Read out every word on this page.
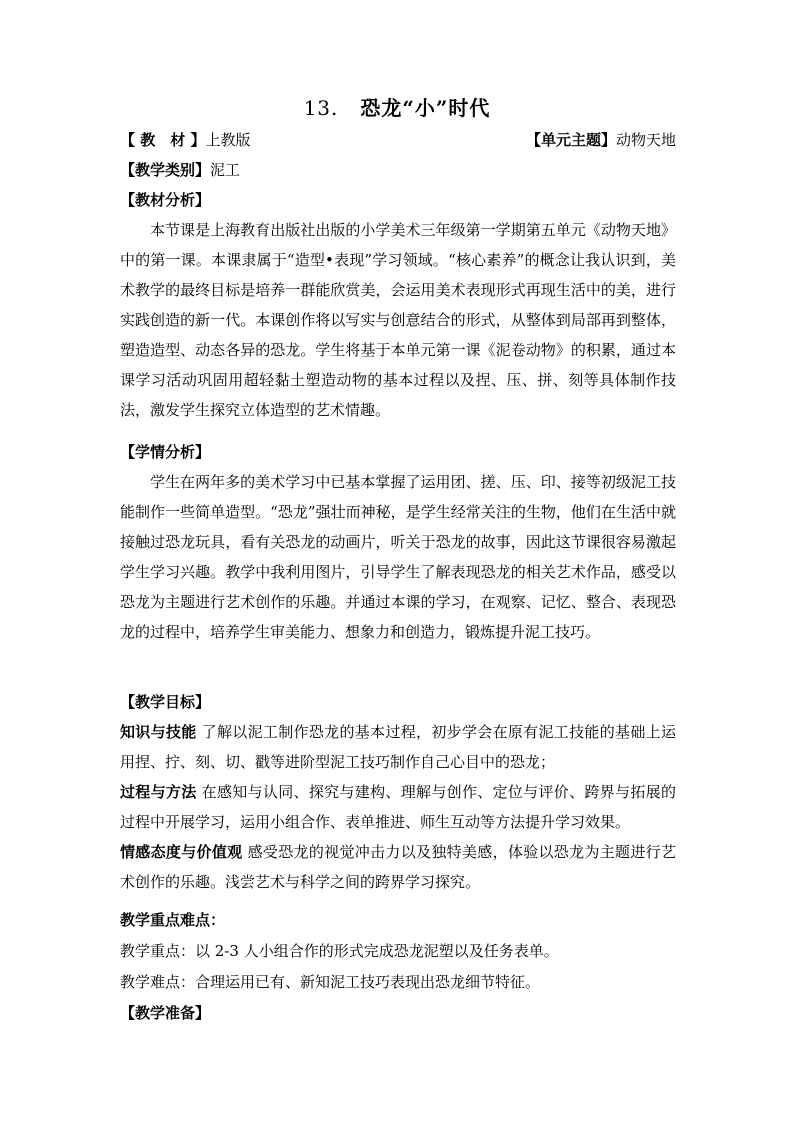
13. 恐龙“小”时代
【 教　材 】上教版	【单元主题】动物天地
【教学类别】泥工
【教材分析】
本节课是上海教育出版社出版的小学美术三年级第一学期第五单元《动物天地》中的第一课。本课隶属于“造型•表现”学习领域。“核心素养”的概念让我认识到，美术教学的最终目标是培养一群能欣赏美，会运用美术表现形式再现生活中的美，进行实践创造的新一代。本课创作将以写实与创意结合的形式，从整体到局部再到整体，塑造造型、动态各异的恐龙。学生将基于本单元第一课《泥卷动物》的积累，通过本课学习活动巩固用超轻黏土塑造动物的基本过程以及捏、压、拼、刻等具体制作技法，激发学生探究立体造型的艺术情趣。
【学情分析】
学生在两年多的美术学习中已基本掌握了运用团、搓、压、印、接等初级泥工技能制作一些简单造型。“恐龙”强壮而神秘，是学生经常关注的生物，他们在生活中就接触过恐龙玩具，看有关恐龙的动画片，听关于恐龙的故事，因此这节课很容易激起学生学习兴趣。教学中我利用图片，引导学生了解表现恐龙的相关艺术作品，感受以恐龙为主题进行艺术创作的乐趣。并通过本课的学习，在观察、记忆、整合、表现恐龙的过程中，培养学生审美能力、想象力和创造力，锻炼提升泥工技巧。
【教学目标】
知识与技能 了解以泥工制作恐龙的基本过程，初步学会在原有泥工技能的基础上运用捏、拧、刻、切、戳等进阶型泥工技巧制作自己心目中的恐龙；
过程与方法 在感知与认同、探究与建构、理解与创作、定位与评价、跨界与拓展的过程中开展学习，运用小组合作、表单推进、师生互动等方法提升学习效果。
情感态度与价值观 感受恐龙的视觉冲击力以及独特美感，体验以恐龙为主题进行艺术创作的乐趣。浅尝艺术与科学之间的跨界学习探究。
教学重点难点：
教学重点：以 2-3 人小组合作的形式完成恐龙泥塑以及任务表单。
教学难点：合理运用已有、新知泥工技巧表现出恐龙细节特征。
【教学准备】
